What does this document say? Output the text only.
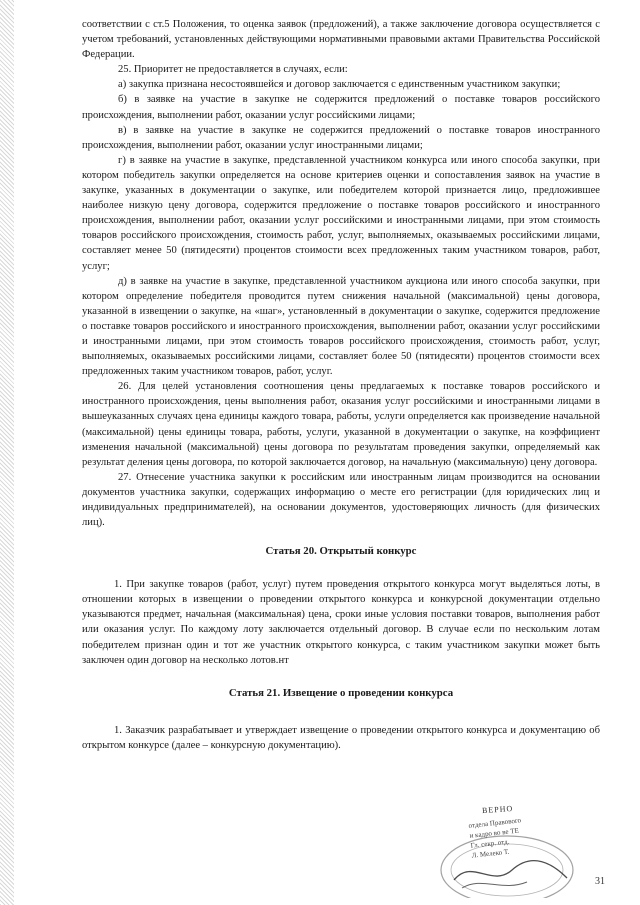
соответствии с ст.5 Положения, то оценка заявок (предложений), а также заключение договора осуществляется с учетом требований, установленных действующими нормативными правовыми актами Правительства Российской Федерации.

25. Приоритет не предоставляется в случаях, если:

а) закупка признана несостоявшейся и договор заключается с единственным участником закупки;

б) в заявке на участие в закупке не содержится предложений о поставке товаров российского происхождения, выполнении работ, оказании услуг российскими лицами;

в) в заявке на участие в закупке не содержится предложений о поставке товаров иностранного происхождения, выполнении работ, оказании услуг иностранными лицами;

г) в заявке на участие в закупке, представленной участником конкурса или иного способа закупки, при котором победитель закупки определяется на основе критериев оценки и сопоставления заявок на участие в закупке, указанных в документации о закупке, или победителем которой признается лицо, предложившее наиболее низкую цену договора, содержится предложение о поставке товаров российского и иностранного происхождения, выполнении работ, оказании услуг российскими и иностранными лицами, при этом стоимость товаров российского происхождения, стоимость работ, услуг, выполняемых, оказываемых российскими лицами, составляет менее 50 (пятидесяти) процентов стоимости всех предложенных таким участником товаров, работ, услуг;

д) в заявке на участие в закупке, представленной участником аукциона или иного способа закупки, при котором определение победителя проводится путем снижения начальной (максимальной) цены договора, указанной в извещении о закупке, на «шаг», установленный в документации о закупке, содержится предложение о поставке товаров российского и иностранного происхождения, выполнении работ, оказании услуг российскими и иностранными лицами, при этом стоимость товаров российского происхождения, стоимость работ, услуг, выполняемых, оказываемых российскими лицами, составляет более 50 (пятидесяти) процентов стоимости всех предложенных таким участником товаров, работ, услуг.

26. Для целей установления соотношения цены предлагаемых к поставке товаров российского и иностранного происхождения, цены выполнения работ, оказания услуг российскими и иностранными лицами в вышеуказанных случаях цена единицы каждого товара, работы, услуги определяется как произведение начальной (максимальной) цены единицы товара, работы, услуги, указанной в документации о закупке, на коэффициент изменения начальной (максимальной) цены договора по результатам проведения закупки, определяемый как результат деления цены договора, по которой заключается договор, на начальную (максимальную) цену договора.

27. Отнесение участника закупки к российским или иностранным лицам производится на основании документов участника закупки, содержащих информацию о месте его регистрации (для юридических лиц и индивидуальных предпринимателей), на основании документов, удостоверяющих личность (для физических лиц).

Статья 20. Открытый конкурс

1. При закупке товаров (работ, услуг) путем проведения открытого конкурса могут выделяться лоты, в отношении которых в извещении о проведении открытого конкурса и конкурсной документации отдельно указываются предмет, начальная (максимальная) цена, сроки иные условия поставки товаров, выполнения работ или оказания услуг. По каждому лоту заключается отдельный договор. В случае если по нескольким лотам победителем признан один и тот же участник открытого конкурса, с таким участником закупки может быть заключен один договор на несколько лотов.нт

Статья 21. Извещение о проведении конкурса

1. Заказчик разрабатывает и утверждает извещение о проведении открытого конкурса и документацию об открытом конкурсе (далее – конкурсную документацию).

ВЕРНО
отдела Правового
и кадро во ве ТЕ
Гл. секр. отд.
Л. Мелеко Т.
31
